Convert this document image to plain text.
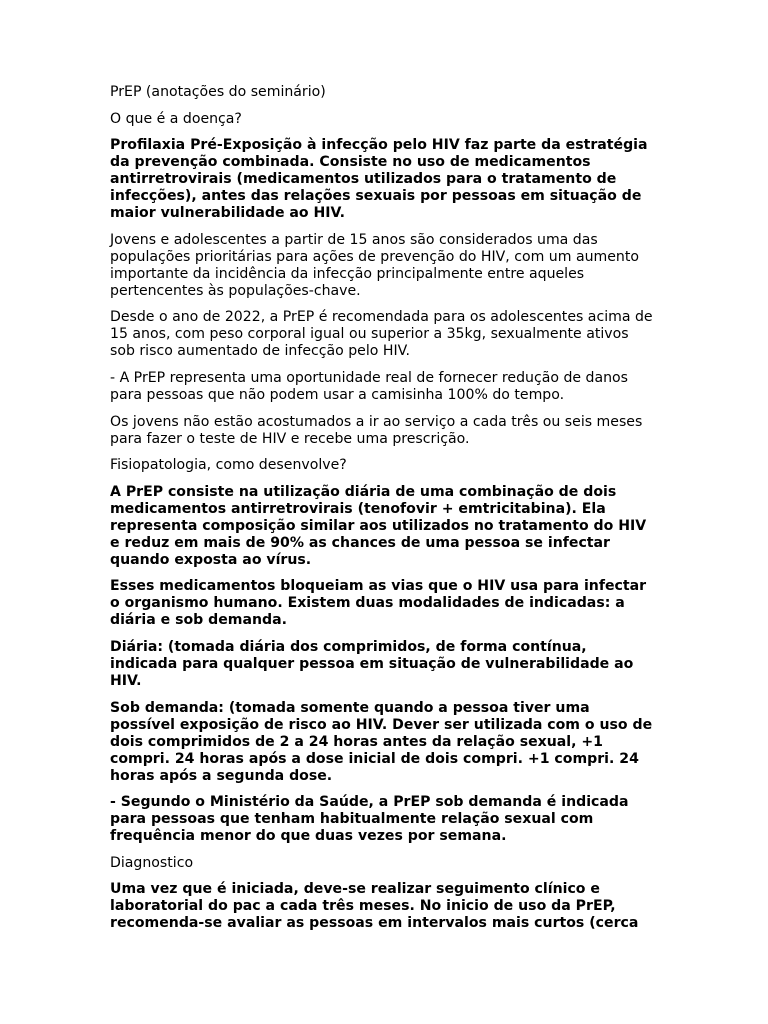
PrEP (anotações do seminário)

O que é a doença?

Profilaxia Pré-Exposição à infecção pelo HIV faz parte da estratégia
da prevenção combinada. Consiste no uso de medicamentos
antirretrovirais (medicamentos utilizados para o tratamento de
infecções), antes das relações sexuais por pessoas em situação de
maior vulnerabilidade ao HIV.

Jovens e adolescentes a partir de 15 anos são considerados uma das
populações prioritárias para ações de prevenção do HIV, com um aumento
importante da incidência da infecção principalmente entre aqueles
pertencentes às populações-chave.

Desde o ano de 2022, a PrEP é recomendada para os adolescentes acima de
15 anos, com peso corporal igual ou superior a 35kg, sexualmente ativos
sob risco aumentado de infecção pelo HIV.

- A PrEP representa uma oportunidade real de fornecer redução de danos
para pessoas que não podem usar a camisinha 100% do tempo.

Os jovens não estão acostumados a ir ao serviço a cada três ou seis meses
para fazer o teste de HIV e recebe uma prescrição.

Fisiopatologia, como desenvolve?

A PrEP consiste na utilização diária de uma combinação de dois
medicamentos antirretrovirais (tenofovir + emtricitabina). Ela
representa composição similar aos utilizados no tratamento do HIV
e reduz em mais de 90% as chances de uma pessoa se infectar
quando exposta ao vírus.

Esses medicamentos bloqueiam as vias que o HIV usa para infectar
o organismo humano. Existem duas modalidades de indicadas: a
diária e sob demanda.

Diária: (tomada diária dos comprimidos, de forma contínua,
indicada para qualquer pessoa em situação de vulnerabilidade ao
HIV.

Sob demanda: (tomada somente quando a pessoa tiver uma
possível exposição de risco ao HIV. Dever ser utilizada com o uso de
dois comprimidos de 2 a 24 horas antes da relação sexual, +1
compri. 24 horas após a dose inicial de dois compri. +1 compri. 24
horas após a segunda dose.

- Segundo o Ministério da Saúde, a PrEP sob demanda é indicada
para pessoas que tenham habitualmente relação sexual com
frequência menor do que duas vezes por semana.

Diagnostico

Uma vez que é iniciada, deve-se realizar seguimento clínico e
laboratorial do pac a cada três meses. No inicio de uso da PrEP,
recomenda-se avaliar as pessoas em intervalos mais curtos (cerca
